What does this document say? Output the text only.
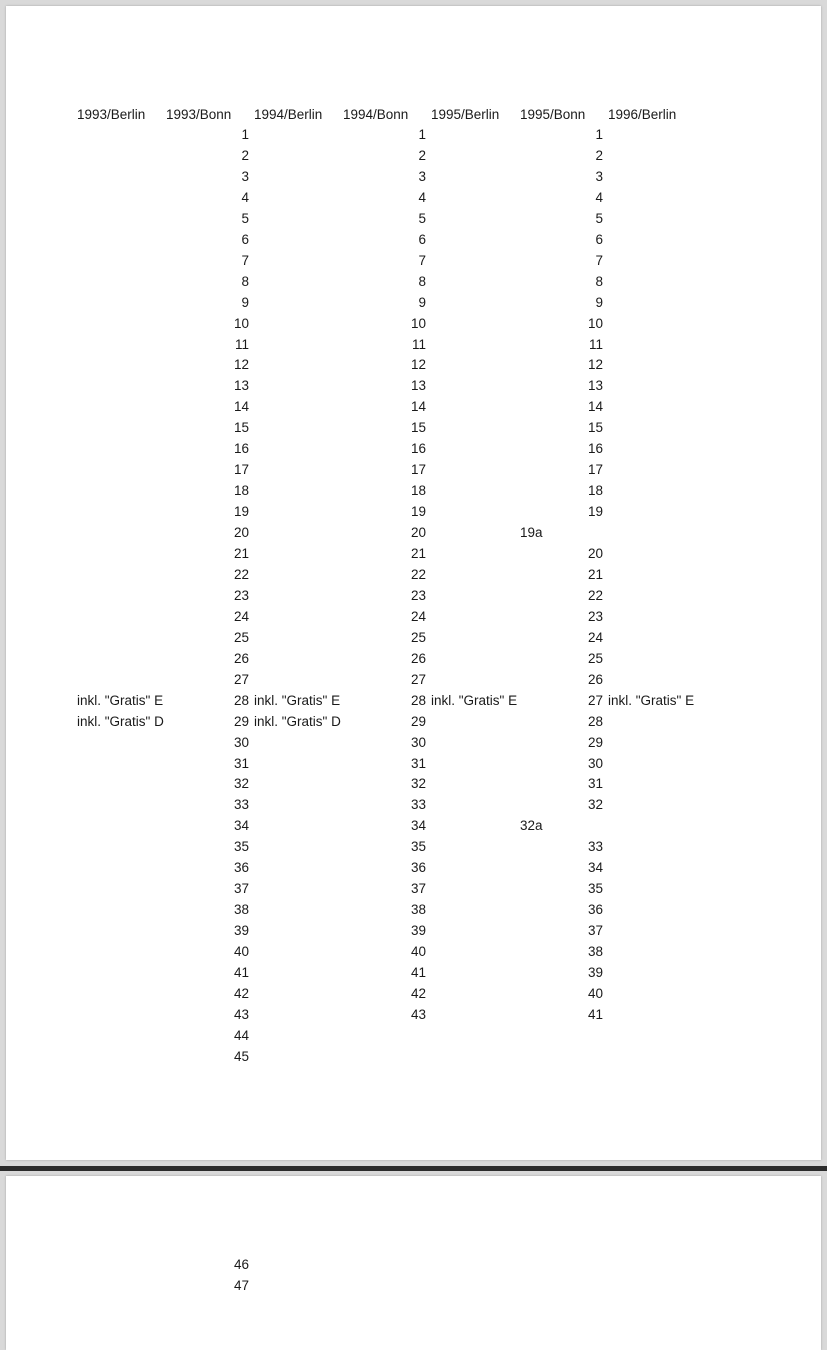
1993/Berlin 1993/Bonn 1994/Berlin 1994/Bonn 1995/Berlin 1995/Bonn 1996/Berlin
1
2
3
4
5
6
7
8
9
10
11
12
13
14
15
16
17
18
19
20
21
22
23
24
25
26
27
28
29
30
31
32
33
34
35
36
37
38
39
40
41
42
43
44
45
1
2
3
4
5
6
7
8
9
10
11
12
13
14
15
16
17
18
19
20
21
22
23
24
25
26
27
28
29
30
31
32
33
34
35
36
37
38
39
40
41
42
43
1
2
3
4
5
6
7
8
9
10
11
12
13
14
15
16
17
18
19
20
21
22
23
24
25
26
27
28
29
30
31
32
33
34
35
36
37
38
39
40
41
19a
32a
inkl. "Gratis" E
inkl. "Gratis" D
inkl. "Gratis" E
inkl. "Gratis" D
inkl. "Gratis" E	inkl. "Gratis" E
46
47
